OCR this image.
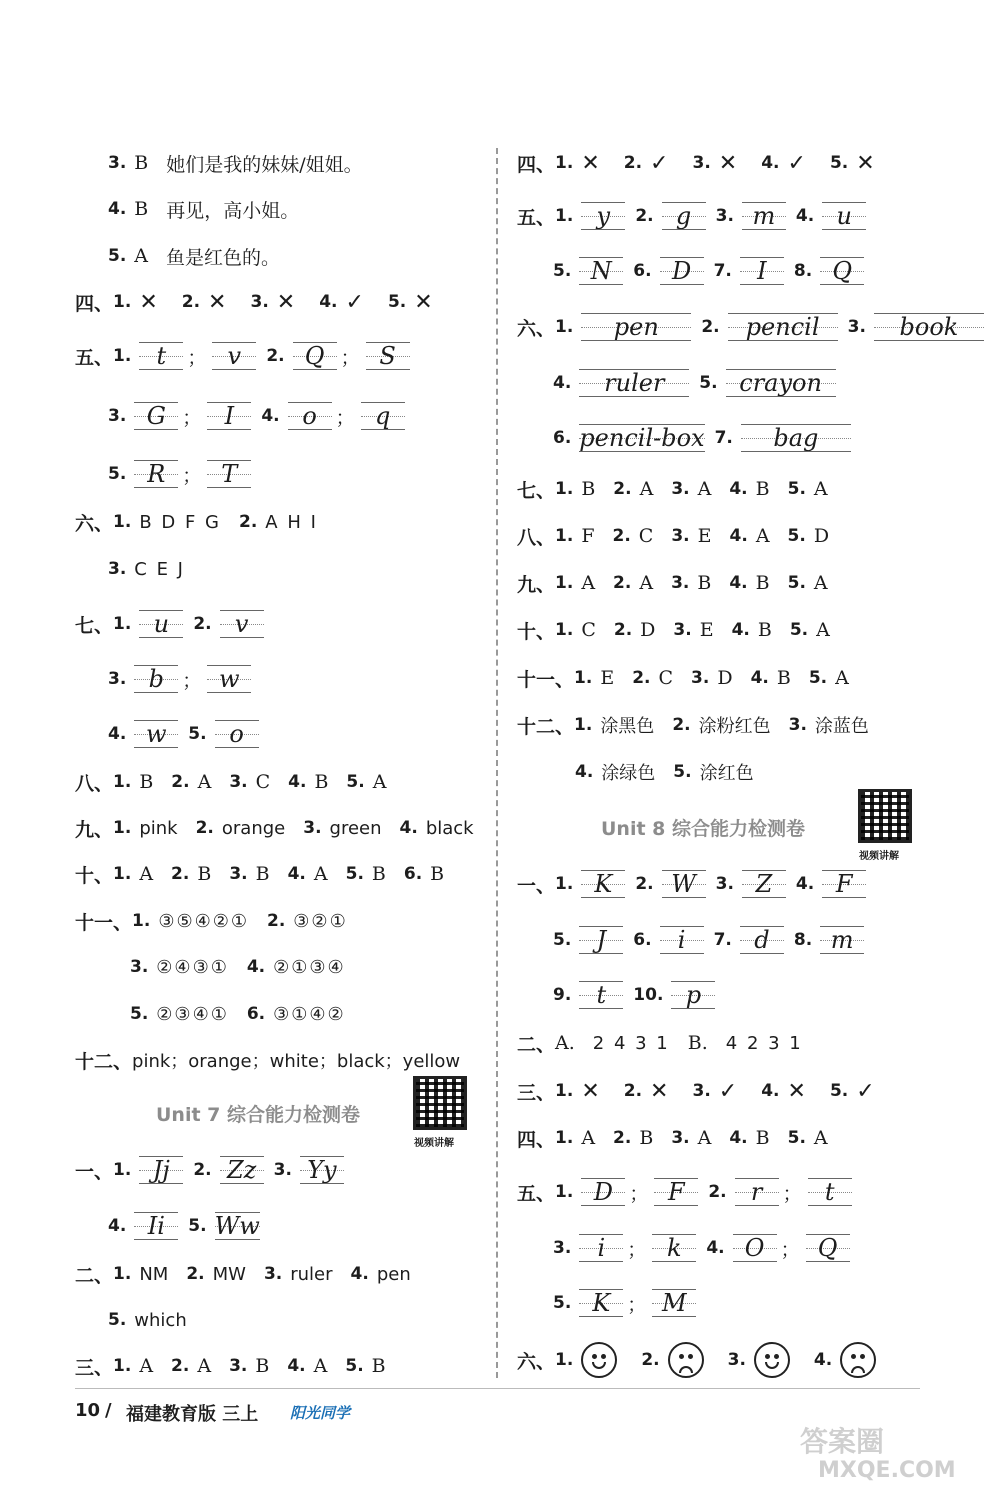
3. B 她们是我的妹妹/姐姐。
4. B 再见，高小姐。
5. A 鱼是红色的。
四、 1. ✕ 2. ✕ 3. ✕ 4. ✓ 5. ✕
五、 1.	t	； v	2. Q ； S
3. G ； I	4. o ； q
5. R ； T
六、 1. B D F G 2. A H I
3. C E J
七、 1. u	2. v
3. b ； w
4. w	5. o
八、 1. B 2. A 3. C 4. B 5. A
九、 1. pink 2. orange 3. green 4. black
十、 1. A 2. B 3. B 4. A 5. B 6. B
十一、 1. ③⑤④②① 2. ③②①
3. ②④③① 4. ②①③④
5. ②③④① 6. ③①④②
十二、 pink；orange；white；black；yellow
Unit 7 综合能力检测卷
视频讲解
一、 1. Jj	2. Zz	3. Yy
4. Ii	5. Ww
二、 1. NM 2. MW 3. ruler 4. pen
5. which
三、 1. A 2. A 3. B 4. A 5. B
四、 1. ✕ 2. ✓ 3. ✕ 4. ✓ 5. ✕
五、 1. y	2. g	3. m	4. u
5. N	6. D	7.	I	8. Q
六、 1.	pen	2.	pencil	3.	book
4.	ruler	5. crayon
6. pencil-box 7.	bag
七、 1. B 2. A 3. A 4. B 5. A
八、 1. F 2. C 3. E 4. A 5. D
九、 1. A 2. A 3. B 4. B 5. A
十、 1. C 2. D 3. E 4. B 5. A
十一、 1. E 2. C 3. D 4. B 5. A
十二、 1. 涂黑色 2. 涂粉红色 3. 涂蓝色
4. 涂绿色 5. 涂红色
Unit 8 综合能力检测卷
视频讲解
一、 1. K	2. W	3. Z	4. F
5.	J	6.	i	7. d	8. m
9.	t	10. p
二、 A. 2 4 3 1 B. 4 2 3 1
三、 1. ✕ 2. ✕ 3. ✓ 4. ✕ 5. ✓
四、 1. A 2. B 3. A 4. B 5. A
五、 1. D ； F	2.	r	； t
3.	i	； k	4. O ； Q
5. K ； M
六、 1.	2.	3.	4.
10 / 福建教育版 三上 阳光同学
答案圈
MXQE.COM
